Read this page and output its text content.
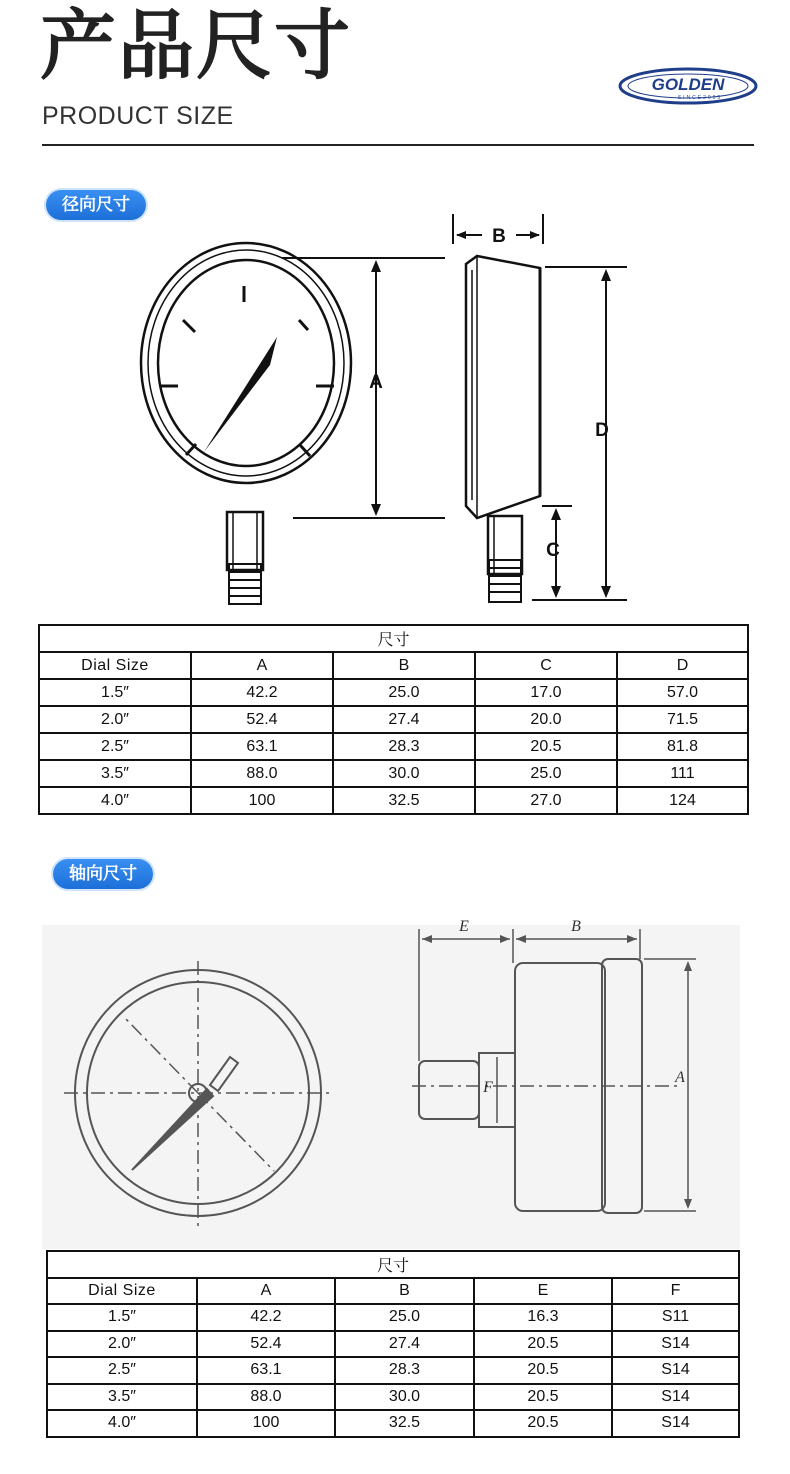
产品尺寸
PRODUCT SIZE
GOLDEN
SINCE2005
径向尺寸
A
B
C
D
尺寸				
Dial Size	A	B	C	D
1.5″	42.2	25.0	17.0	57.0
2.0″	52.4	27.4	20.0	71.5
2.5″	63.1	28.3	20.5	81.8
3.5″	88.0	30.0	25.0	111
4.0″	100	32.5	27.0	124
轴向尺寸
E	B
F
A
尺寸				
Dial Size	A	B	E	F
1.5″	42.2	25.0	16.3	S11
2.0″	52.4	27.4	20.5	S14
2.5″	63.1	28.3	20.5	S14
3.5″	88.0	30.0	20.5	S14
4.0″	100	32.5	20.5	S14
